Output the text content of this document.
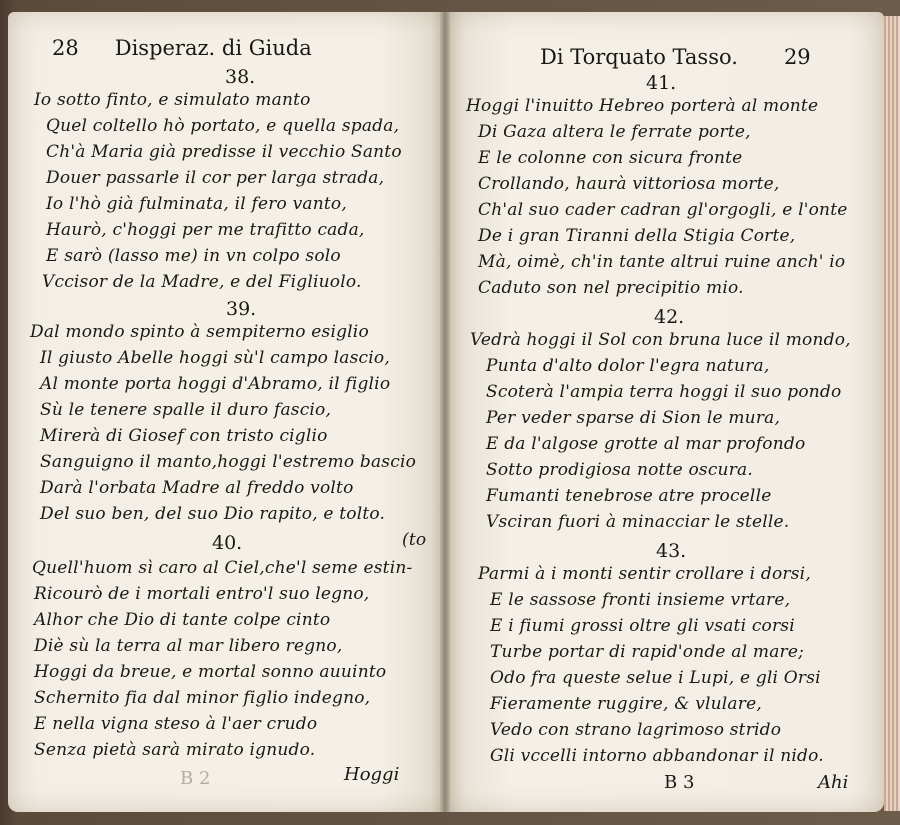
28 Disperaz. di Giuda	Di Torquato Tasso. 29
38.
Io sotto finto, e simulato manto
Quel coltello hò portato, e quella spada,
Ch'à Maria già predisse il vecchio Santo
Douer passarle il cor per larga strada,
Io l'hò già fulminata, il fero vanto,
Haurò, c'hoggi per me trafitto cada,
E sarò (lasso me) in vn colpo solo
Vccisor de la Madre, e del Figliuolo.
39.
Dal mondo spinto à sempiterno esiglio
Il giusto Abelle hoggi sù'l campo lascio,
Al monte porta hoggi d'Abramo, il figlio
Sù le tenere spalle il duro fascio,
Mirerà di Giosef con tristo ciglio
Sanguigno il manto,hoggi l'estremo bascio
Darà l'orbata Madre al freddo volto
Del suo ben, del suo Dio rapito, e tolto.
40.	(to
Quell'huom sì caro al Ciel,che'l seme estin-
Ricourò de i mortali entro'l suo legno,
Alhor che Dio di tante colpe cinto
Diè sù la terra al mar libero regno,
Hoggi da breue, e mortal sonno auuinto
Schernito fia dal minor figlio indegno,
E nella vigna steso à l'aer crudo
Senza pietà sarà mirato ignudo.
B 2	Hoggi
41.
Hoggi l'inuitto Hebreo porterà al monte
Di Gaza altera le ferrate porte,
E le colonne con sicura fronte
Crollando, haurà vittoriosa morte,
Ch'al suo cader cadran gl'orgogli, e l'onte
De i gran Tiranni della Stigia Corte,
Mà, oimè, ch'in tante altrui ruine anch' io
Caduto son nel precipitio mio.
42.
Vedrà hoggi il Sol con bruna luce il mondo,
Punta d'alto dolor l'egra natura,
Scoterà l'ampia terra hoggi il suo pondo
Per veder sparse di Sion le mura,
E da l'algose grotte al mar profondo
Sotto prodigiosa notte oscura.
Fumanti tenebrose atre procelle
Vsciran fuori à minacciar le stelle.
43.
Parmi à i monti sentir crollare i dorsi,
E le sassose fronti insieme vrtare,
E i fiumi grossi oltre gli vsati corsi
Turbe portar di rapid'onde al mare;
Odo fra queste selue i Lupi, e gli Orsi
Fieramente ruggire, & vlulare,
Vedo con strano lagrimoso strido
Gli vccelli intorno abbandonar il nido.
B 3	Ahi
